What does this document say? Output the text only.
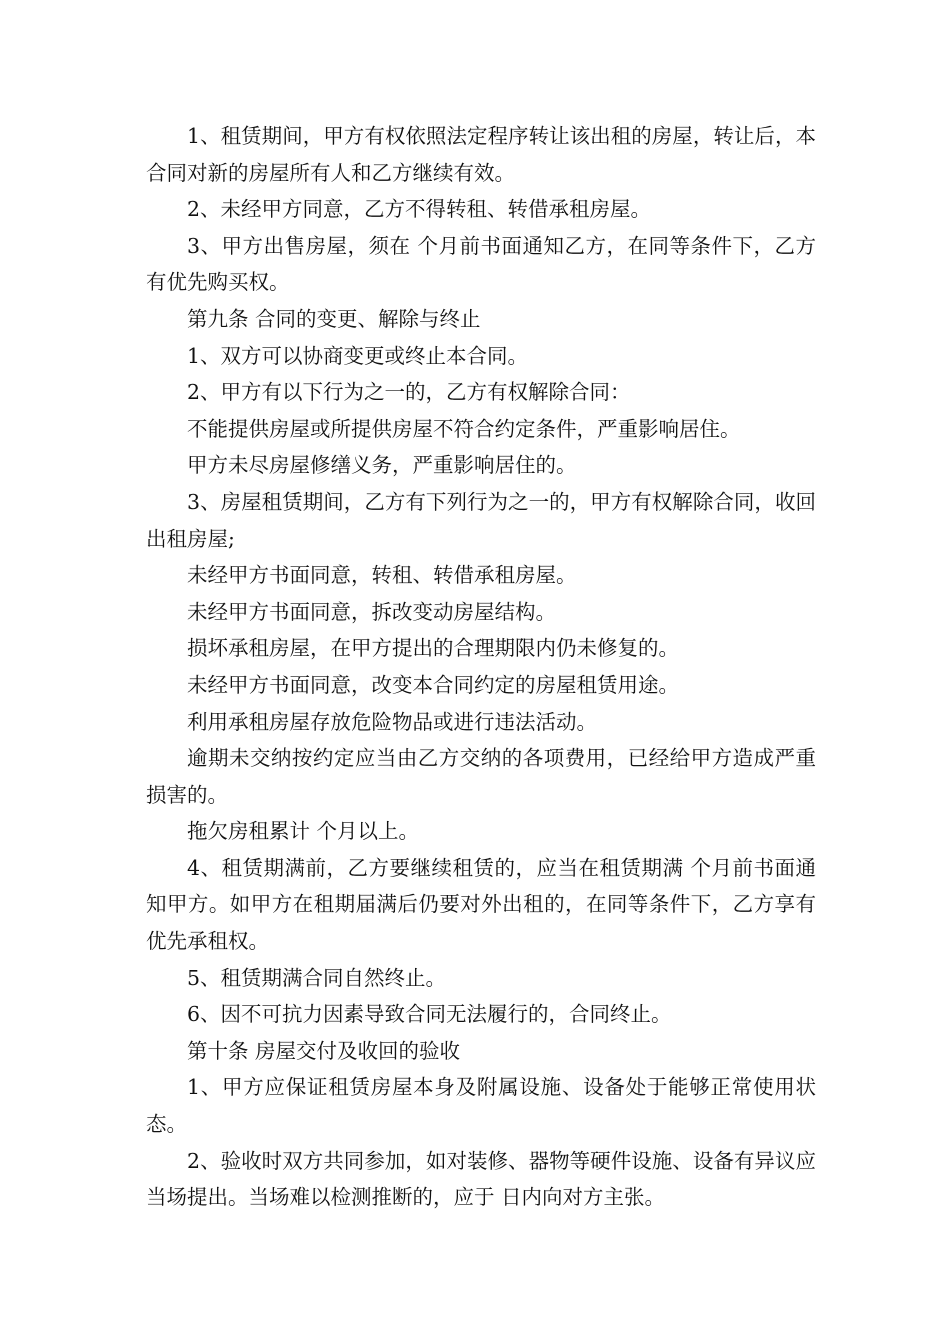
1、租赁期间，甲方有权依照法定程序转让该出租的房屋，转让后，本合同对新的房屋所有人和乙方继续有效。

2、未经甲方同意，乙方不得转租、转借承租房屋。

3、甲方出售房屋，须在 个月前书面通知乙方，在同等条件下，乙方有优先购买权。

第九条 合同的变更、解除与终止

1、双方可以协商变更或终止本合同。

2、甲方有以下行为之一的，乙方有权解除合同：

不能提供房屋或所提供房屋不符合约定条件，严重影响居住。

甲方未尽房屋修缮义务，严重影响居住的。

3、房屋租赁期间，乙方有下列行为之一的，甲方有权解除合同，收回出租房屋;

未经甲方书面同意，转租、转借承租房屋。

未经甲方书面同意，拆改变动房屋结构。

损坏承租房屋，在甲方提出的合理期限内仍未修复的。

未经甲方书面同意，改变本合同约定的房屋租赁用途。

利用承租房屋存放危险物品或进行违法活动。

逾期未交纳按约定应当由乙方交纳的各项费用，已经给甲方造成严重损害的。

拖欠房租累计 个月以上。

4、租赁期满前，乙方要继续租赁的，应当在租赁期满 个月前书面通知甲方。如甲方在租期届满后仍要对外出租的，在同等条件下，乙方享有优先承租权。

5、租赁期满合同自然终止。

6、因不可抗力因素导致合同无法履行的，合同终止。

第十条 房屋交付及收回的验收

1、甲方应保证租赁房屋本身及附属设施、设备处于能够正常使用状态。

2、验收时双方共同参加，如对装修、器物等硬件设施、设备有异议应当场提出。当场难以检测推断的，应于 日内向对方主张。
